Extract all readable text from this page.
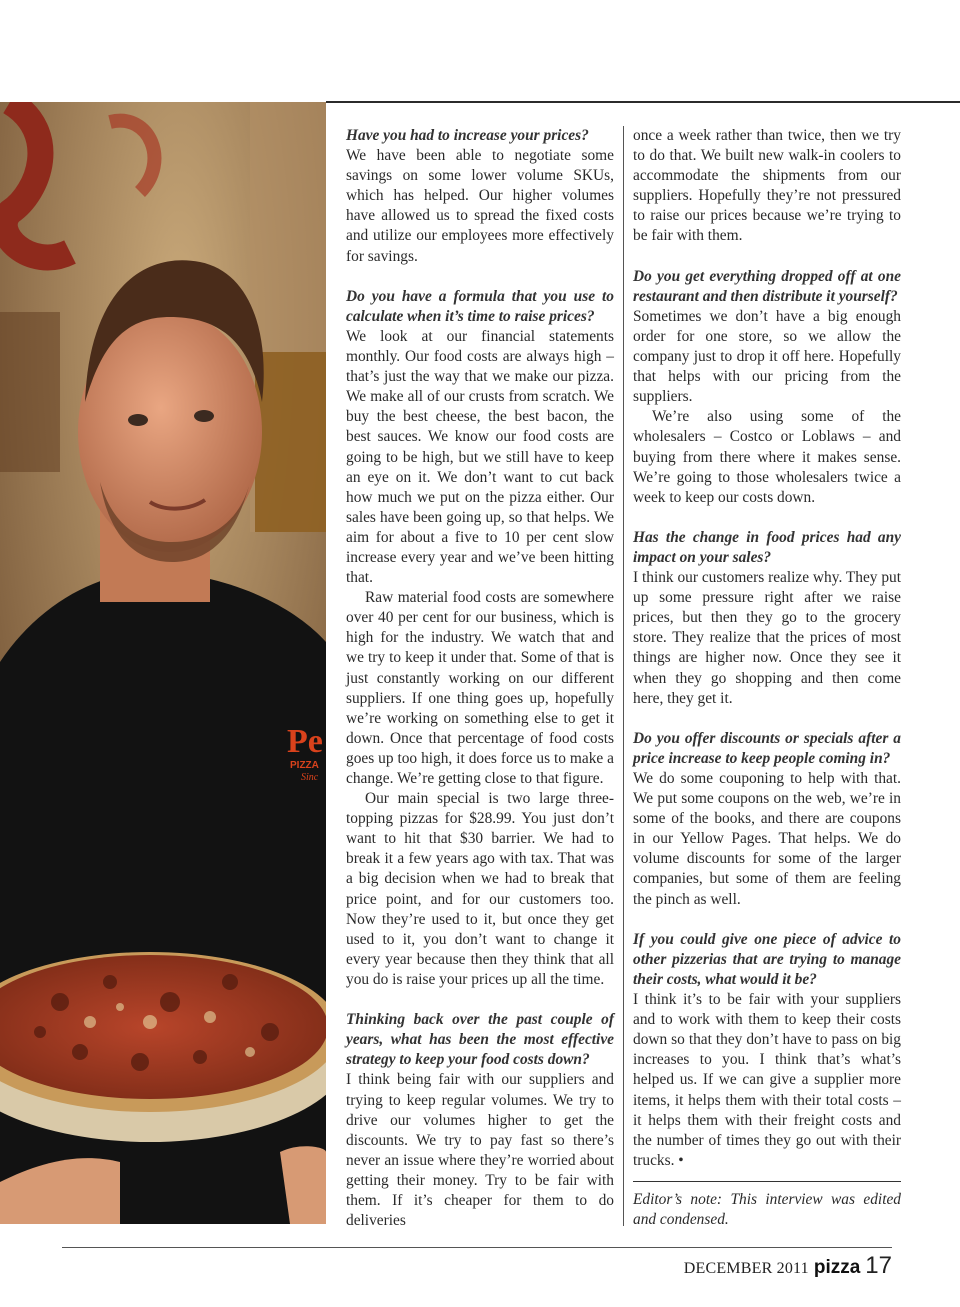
Pe
PIZZA
Sinc

Have you had to increase your prices?

We have been able to negotiate some savings on some lower volume SKUs, which has helped. Our higher volumes have allowed us to spread the fixed costs and utilize our employees more effectively for savings.

Do you have a formula that you use to calculate when it’s time to raise prices?

We look at our financial statements monthly. Our food costs are always high – that’s just the way that we make our pizza. We make all of our crusts from scratch. We buy the best cheese, the best bacon, the best sauces. We know our food costs are going to be high, but we still have to keep an eye on it. We don’t want to cut back how much we put on the pizza either. Our sales have been going up, so that helps. We aim for about a five to 10 per cent slow increase every year and we’ve been hitting that.

Raw material food costs are somewhere over 40 per cent for our business, which is high for the industry. We watch that and we try to keep it under that. Some of that is just constantly working on our different suppliers. If one thing goes up, hopefully we’re working on something else to get it down. Once that percentage of food costs goes up too high, it does force us to make a change. We’re getting close to that figure.

Our main special is two large three-topping pizzas for $28.99. You just don’t want to hit that $30 barrier. We had to break it a few years ago with tax. That was a big decision when we had to break that price point, and for our customers too. Now they’re used to it, but once they get used to it, you don’t want to change it every year because then they think that all you do is raise your prices up all the time.

Thinking back over the past couple of years, what has been the most effective strategy to keep your food costs down?

I think being fair with our suppliers and trying to keep regular volumes. We try to drive our volumes higher to get the discounts. We try to pay fast so there’s never an issue where they’re worried about getting their money. Try to be fair with them. If it’s cheaper for them to do deliveries

once a week rather than twice, then we try to do that. We built new walk-in coolers to accommodate the shipments from our suppliers. Hopefully they’re not pressured to raise our prices because we’re trying to be fair with them.

Do you get everything dropped off at one restaurant and then distribute it yourself?

Sometimes we don’t have a big enough order for one store, so we allow the company just to drop it off here. Hopefully that helps with our pricing from the suppliers.

We’re also using some of the wholesalers – Costco or Loblaws – and buying from there where it makes sense. We’re going to those wholesalers twice a week to keep our costs down.

Has the change in food prices had any impact on your sales?

I think our customers realize why. They put up some pressure right after we raise prices, but then they go to the grocery store. They realize that the prices of most things are higher now. Once they see it when they go shopping and then come here, they get it.

Do you offer discounts or specials after a price increase to keep people coming in?

We do some couponing to help with that. We put some coupons on the web, we’re in some of the books, and there are coupons in our Yellow Pages. That helps. We do volume discounts for some of the larger companies, but some of them are feeling the pinch as well.

If you could give one piece of advice to other pizzerias that are trying to manage their costs, what would it be?

I think it’s to be fair with your suppliers and to work with them to keep their costs down so that they don’t have to pass on big increases to you. I think that’s what’s helped us. If we can give a supplier more items, it helps them with their total costs – it helps them with their freight costs and the number of times they go out with their trucks. •

Editor’s note: This interview was edited and condensed.

DECEMBER 2011 pizza 17
